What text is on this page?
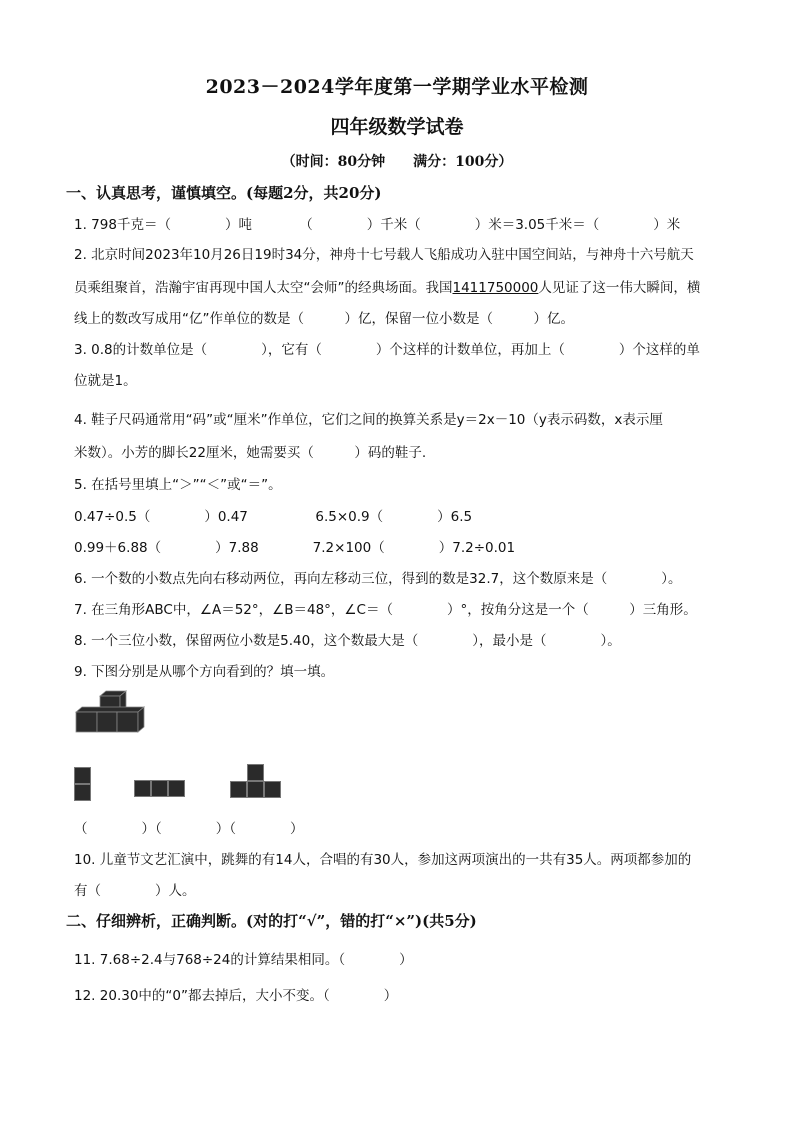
2023－2024学年度第一学期学业水平检测
四年级数学试卷
（时间：80分钟　　满分：100分）
一、认真思考，谨慎填空。(每题2分，共20分)
1. 798千克＝（　　　　）吨　　　　（　　　　）千米（　　　　）米＝3.05千米＝（　　　　）米
2. 北京时间2023年10月26日19时34分，神舟十七号载人飞船成功入驻中国空间站，与神舟十六号航天
员乘组聚首，浩瀚宇宙再现中国人太空“会师”的经典场面。我国1411750000人见证了这一伟大瞬间，横
线上的数改写成用“亿”作单位的数是（　　　）亿，保留一位小数是（　　　）亿。
3. 0.8的计数单位是（　　　　），它有（　　　　）个这样的计数单位，再加上（　　　　）个这样的单
位就是1。
4. 鞋子尺码通常用“码”或“厘米”作单位，它们之间的换算关系是y＝2x－10（y表示码数，x表示厘
米数）。小芳的脚长22厘米，她需要买（　　　）码的鞋子.
5. 在括号里填上“＞”“＜”或“＝”。
0.47÷0.5（　　　　）0.47　　　　　6.5×0.9（　　　　）6.5
0.99＋6.88（　　　　）7.88　　　　7.2×100（　　　　）7.2÷0.01
6. 一个数的小数点先向右移动两位，再向左移动三位，得到的数是32.7，这个数原来是（　　　　）。
7. 在三角形ABC中，∠A＝52°，∠B＝48°，∠C＝（　　　　）°，按角分这是一个（　　　）三角形。
8. 一个三位小数，保留两位小数是5.40，这个数最大是（　　　　），最小是（　　　　）。
9. 下图分别是从哪个方向看到的？填一填。
（　　　　）（　　　　）（　　　　）
10. 儿童节文艺汇演中，跳舞的有14人，合唱的有30人，参加这两项演出的一共有35人。两项都参加的
有（　　　　）人。
二、仔细辨析，正确判断。(对的打“√”，错的打“×”)(共5分)
11. 7.68÷2.4与768÷24的计算结果相同。（　　　　）
12. 20.30中的“0”都去掉后，大小不变。（　　　　）
